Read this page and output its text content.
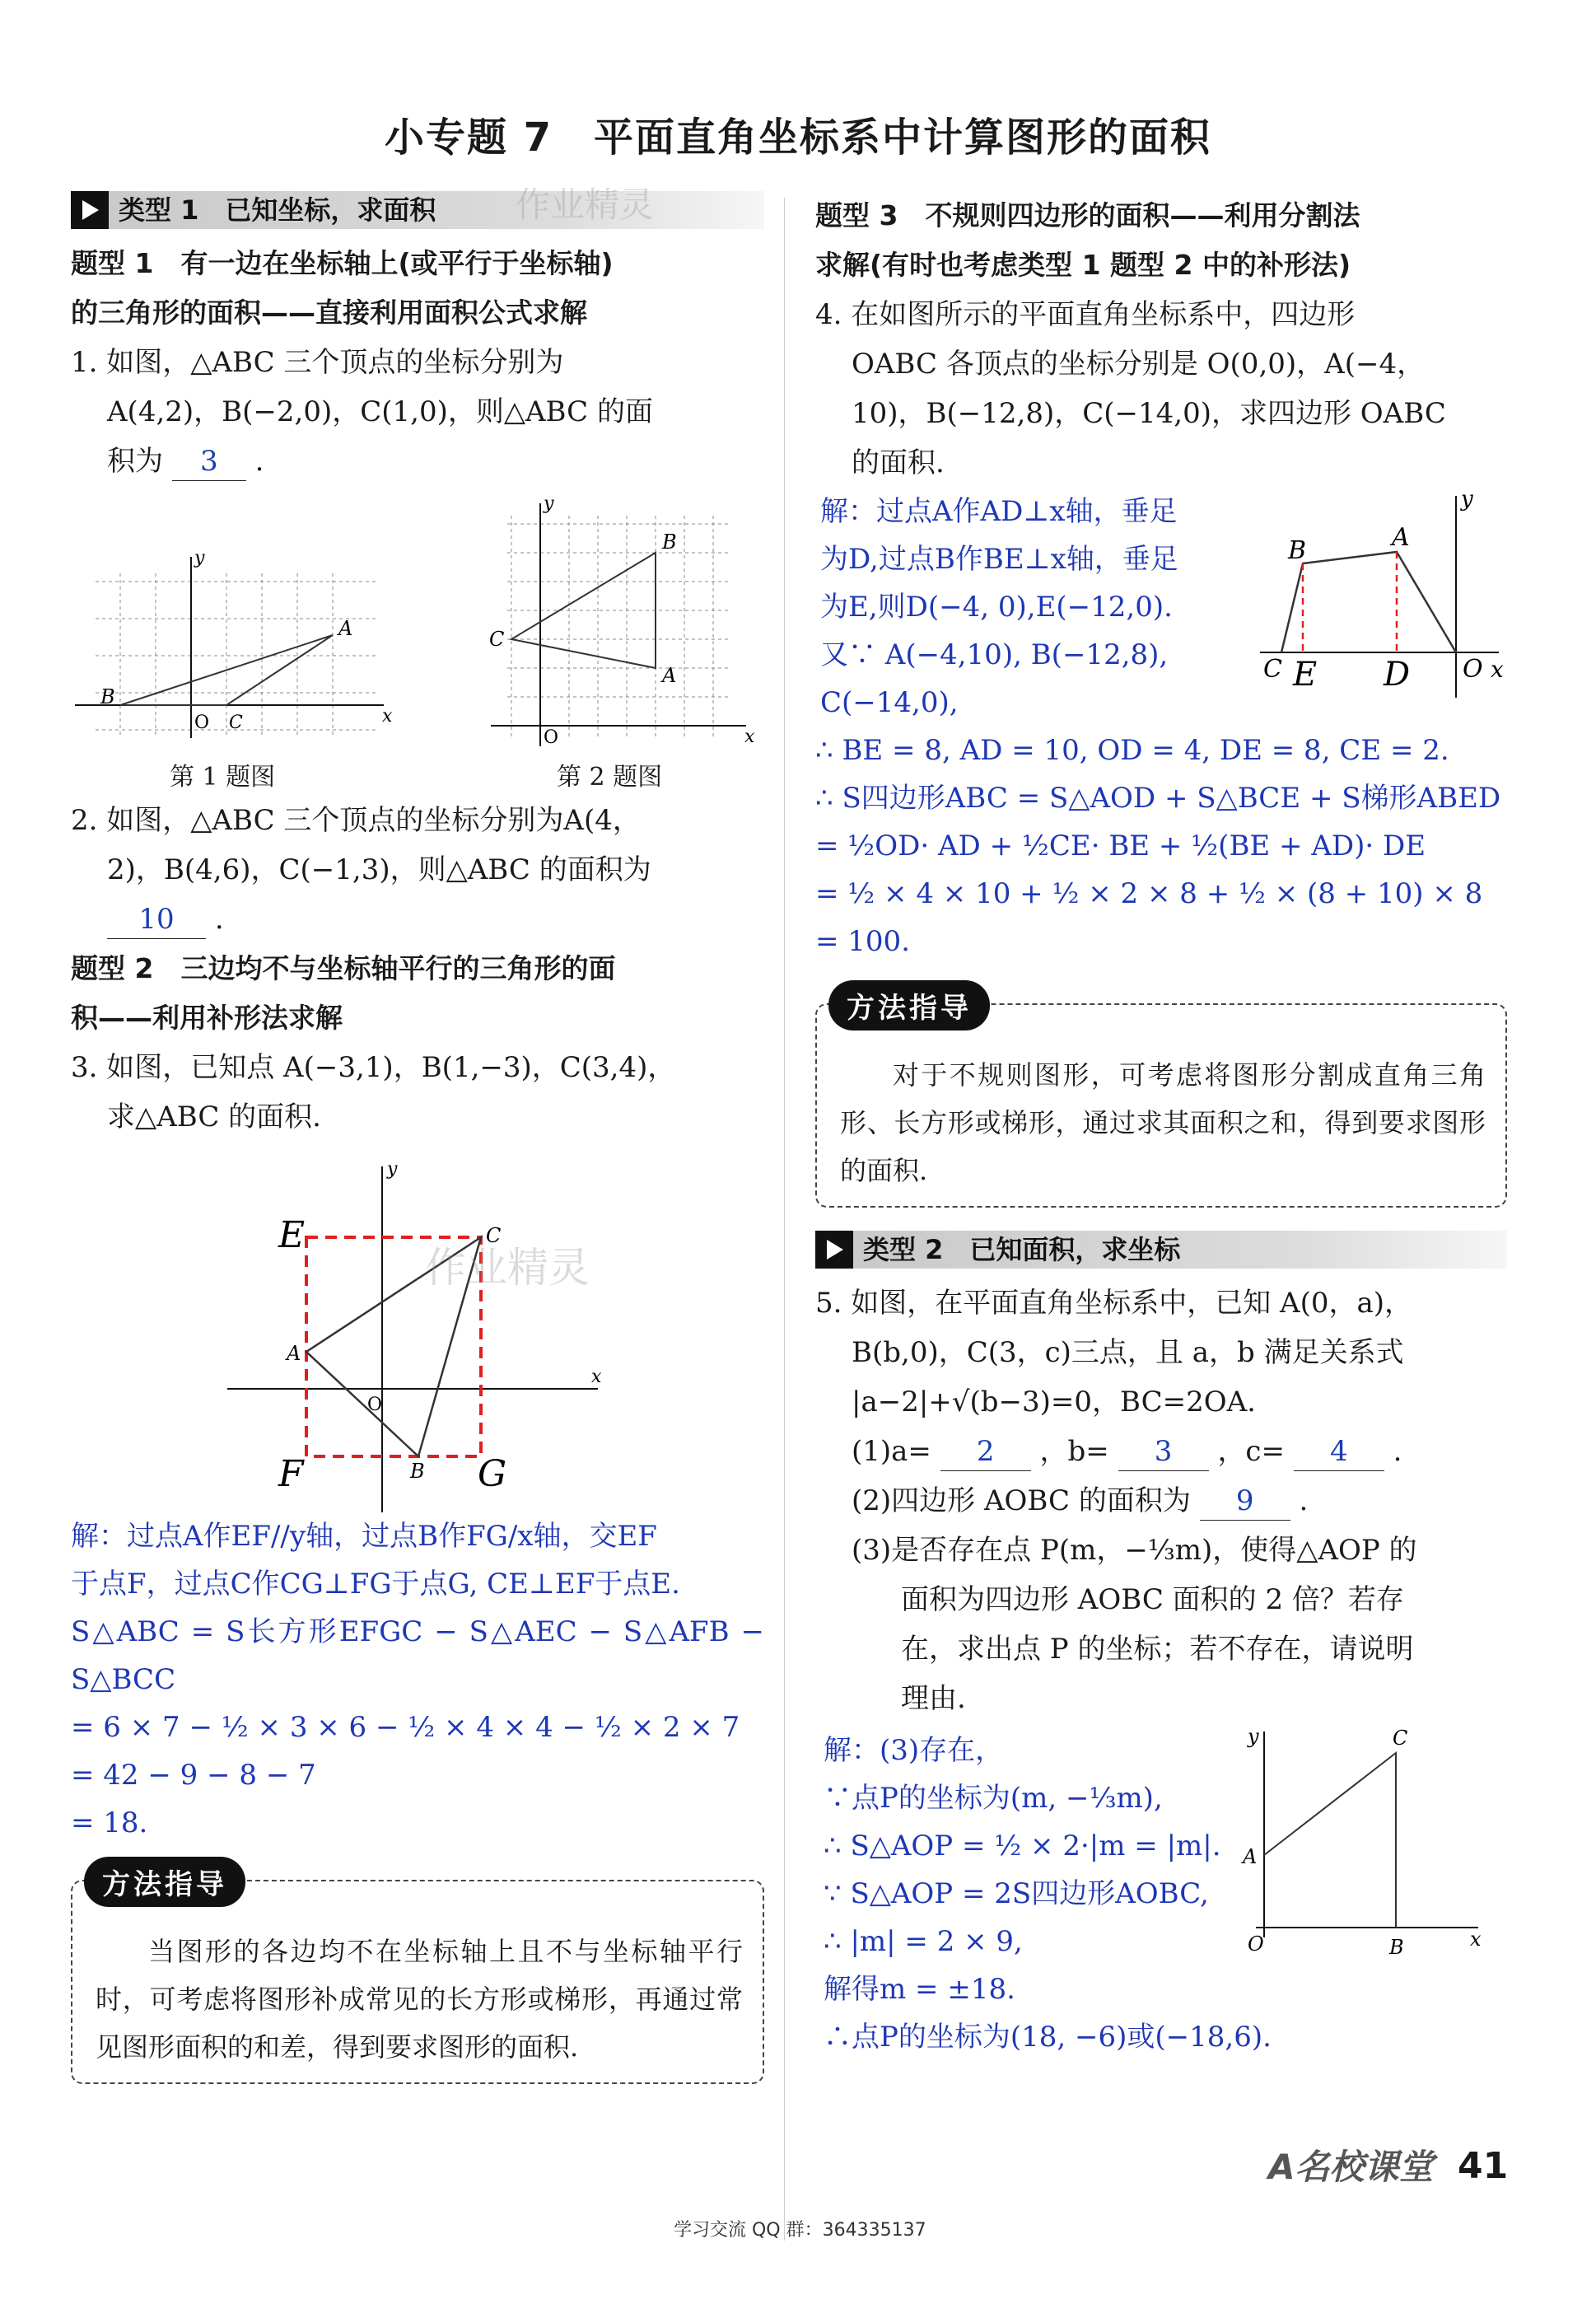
小专题 7　平面直角坐标系中计算图形的面积
类型 1　已知坐标，求面积 作业精灵

题型 1　有一边在坐标轴上(或平行于坐标轴)

的三角形的面积——直接利用面积公式求解

1. 如图，△ABC 三个顶点的坐标分别为

A(4,2)，B(−2,0)，C(1,0)，则△ABC 的面

积为 3 .

A
B
C
y
x
O
B
A
C
y
O	x
第 1 题图	第 2 题图

2. 如图，△ABC 三个顶点的坐标分别为A(4，

2)，B(4,6)，C(−1,3)，则△ABC 的面积为

10 .

题型 2　三边均不与坐标轴平行的三角形的面

积——利用补形法求解

3. 如图，已知点 A(−3,1)，B(1,−3)，C(3,4)，

求△ABC 的面积.

E
F	G
A
B
C
O
x
y
作业精灵

解：过点A作EF//y轴，过点B作FG/x轴，交EF

于点F，过点C作CG⊥FG于点G, CE⊥EF于点E.

S△ABC = S长方形EFGC − S△AEC − S△AFB − S△BCC

= 6 × 7 − ½ × 3 × 6 − ½ × 4 × 4 − ½ × 2 × 7

= 42 − 9 − 8 − 7

= 18.

方法指导

当图形的各边均不在坐标轴上且不与坐标轴平行时，可考虑将图形补成常见的长方形或梯形，再通过常见图形面积的和差，得到要求图形的面积.

题型 3　不规则四边形的面积——利用分割法

求解(有时也考虑类型 1 题型 2 中的补形法)

4. 在如图所示的平面直角坐标系中，四边形

OABC 各顶点的坐标分别是 O(0,0)，A(−4，

10)，B(−12,8)，C(−14,0)，求四边形 OABC

的面积.

解：过点A作AD⊥x轴，垂足

为D,过点B作BE⊥x轴，垂足

为E,则D(−4, 0),E(−12,0).

又∵ A(−4,10), B(−12,8),

C(−14,0),

B	A
C E D O x
y

∴ BE = 8, AD = 10, OD = 4, DE = 8, CE = 2.

∴ S四边形ABC = S△AOD + S△BCE + S梯形ABED

= ½OD· AD + ½CE· BE + ½(BE + AD)· DE

= ½ × 4 × 10 + ½ × 2 × 8 + ½ × (8 + 10) × 8

= 100.

方法指导

对于不规则图形，可考虑将图形分割成直角三角形、长方形或梯形，通过求其面积之和，得到要求图形的面积.

类型 2　已知面积，求坐标

5. 如图，在平面直角坐标系中，已知 A(0，a)，

B(b,0)，C(3，c)三点，且 a，b 满足关系式

|a−2|+√(b−3)=0，BC=2OA.

(1)a= 2 ，b= 3 ，c= 4 .

(2)四边形 AOBC 的面积为 9 .

(3)是否存在点 P(m，−⅓m)，使得△AOP 的

面积为四边形 AOBC 面积的 2 倍？若存

在，求出点 P 的坐标；若不存在，请说明

理由.

解：(3)存在，

∵点P的坐标为(m, −⅓m),

∴ S△AOP = ½ × 2·|m = |m|.

∵ S△AOP = 2S四边形AOBC,

∴ |m| = 2 × 9,

解得m = ±18.

∴点P的坐标为(18, −6)或(−18,6).

y	C
A
O	B	x
A名校课堂 41
学习交流 QQ 群：364335137
